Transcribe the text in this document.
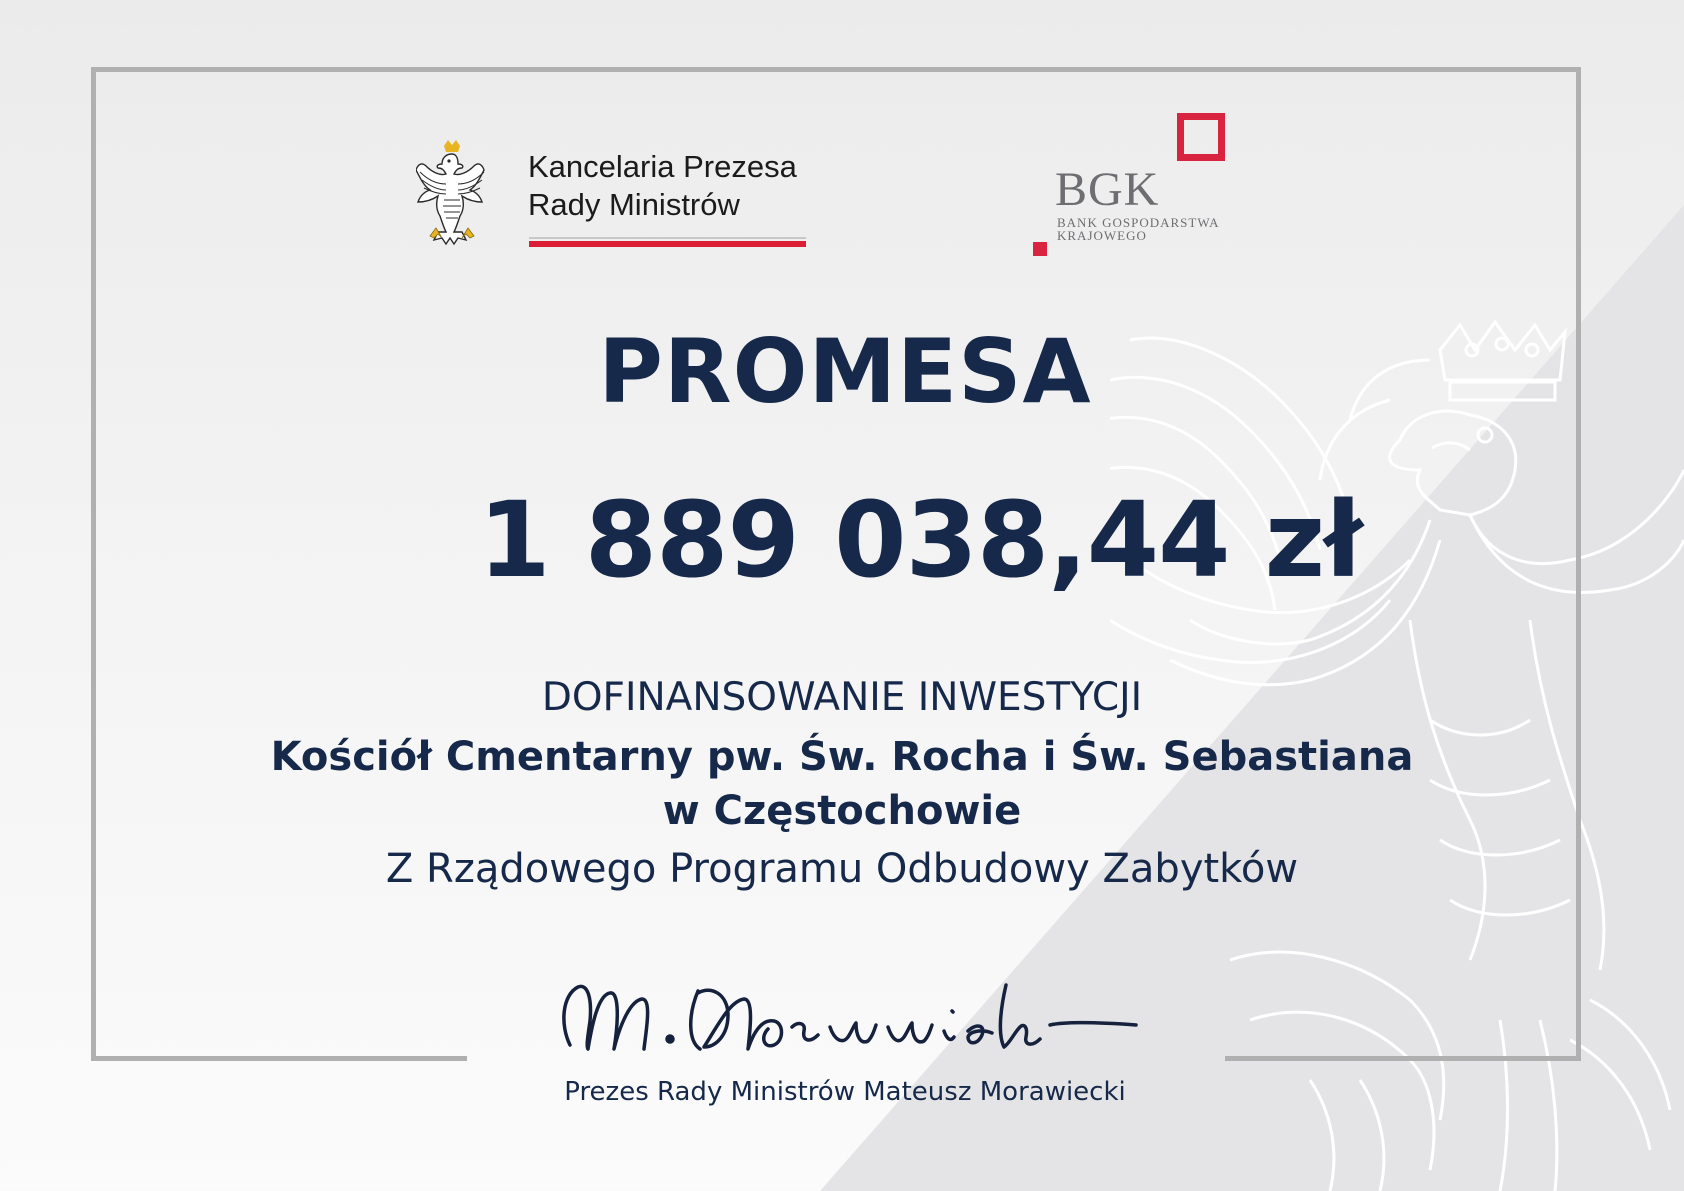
Kancelaria Prezesa
Rady Ministrów	BGK
BANK GOSPODARSTWA
KRAJOWEGO
PROMESA
1 889 038,44 zł
DOFINANSOWANIE INWESTYCJI
Kościół Cmentarny pw. Św. Rocha i Św. Sebastiana
w Częstochowie
Z Rządowego Programu Odbudowy Zabytków
Prezes Rady Ministrów Mateusz Morawiecki
